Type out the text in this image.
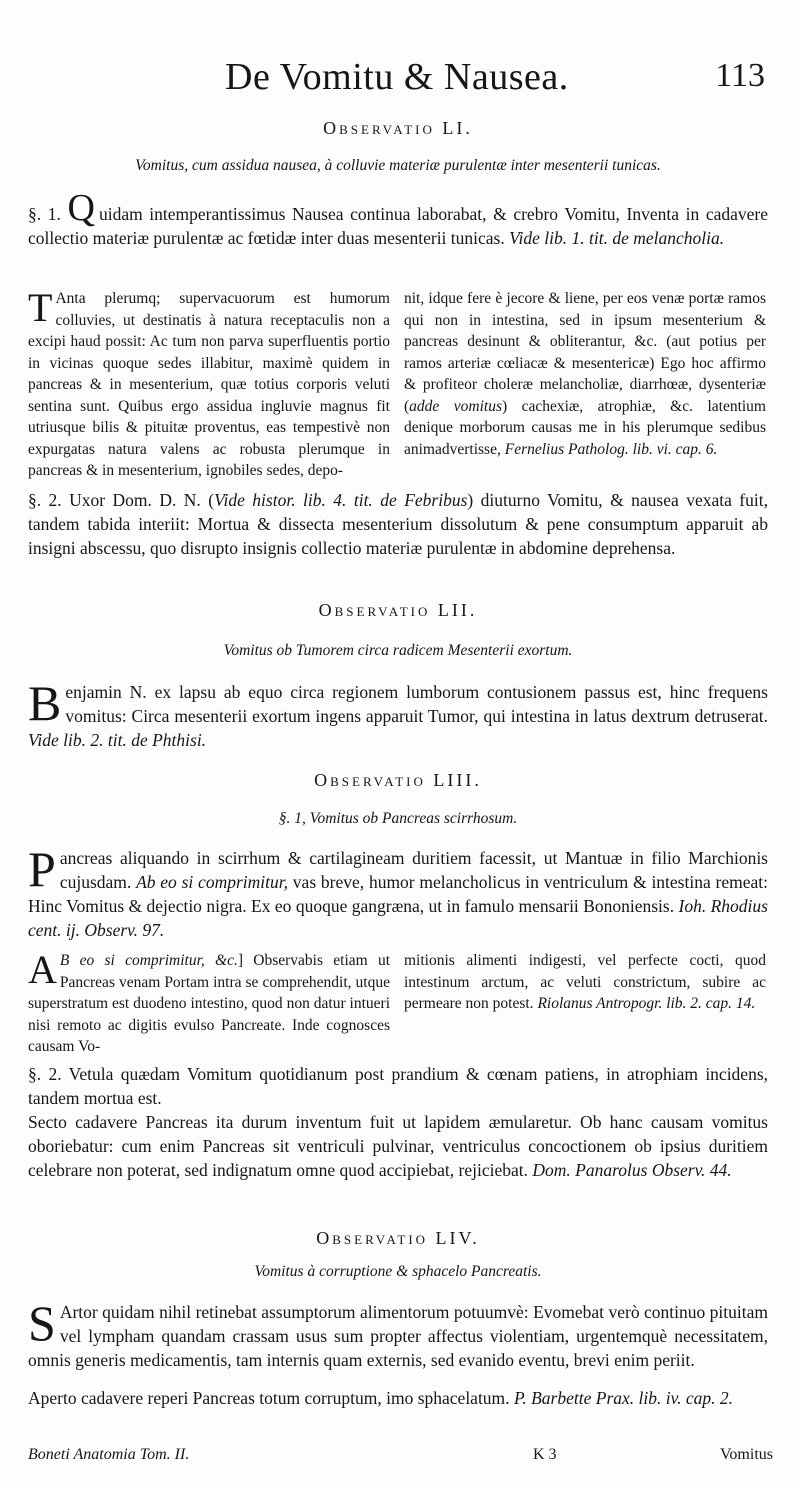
De Vomitu & Nausea.	113
Observatio LI.
Vomitus, cum assidua nausea, à colluvie materiæ purulentæ inter mesenterii tunicas.
§. 1. Q uidam intemperantissimus Nausea continua laborabat, & crebro Vomitu, Inventa in cadavere collectio materiæ purulentæ ac fœtidæ inter duas mesenterii tunicas. Vide lib. 1. tit. de melancholia.
T Anta plerumq; supervacuorum est humorum colluvies, ut destinatis à natura receptaculis non a excipi haud possit: Ac tum non parva superfluentis portio in vicinas quoque sedes illabitur, maximè quidem in pancreas & in mesenterium, quæ totius corporis veluti sentina sunt. Quibus ergo assidua ingluvie magnus fit utriusque bilis & pituitæ proventus, eas tempestivè non expurgatas natura valens ac robusta plerumque in pancreas & in mesenterium, ignobiles sedes, depo-
nit, idque fere è jecore & liene, per eos venæ portæ ramos qui non in intestina, sed in ipsum mesenterium & pancreas desinunt & obliterantur, &c. (aut potius per ramos arteriæ cœliacæ & mesentericæ) Ego hoc affirmo & profiteor choleræ melancholiæ, diarrhœæ, dysenteriæ (adde vomitus) cachexiæ, atrophiæ, &c. latentium denique morborum causas me in his plerumque sedibus animadvertisse, Fernelius Patholog. lib. vi. cap. 6.
§. 2. Uxor Dom. D. N. (Vide histor. lib. 4. tit. de Febribus) diuturno Vomitu, & nausea vexata fuit, tandem tabida interiit: Mortua & dissecta mesenterium dissolutum & pene consumptum apparuit ab insigni abscessu, quo disrupto insignis collectio materiæ purulentæ in abdomine deprehensa.
Observatio LII.
Vomitus ob Tumorem circa radicem Mesenterii exortum.
Benjamin N. ex lapsu ab equo circa regionem lumborum contusionem passus est, hinc frequens vomitus: Circa mesenterii exortum ingens apparuit Tumor, qui intestina in latus dextrum detruserat. Vide lib. 2. tit. de Phthisi.
Observatio LIII.
§. 1, Vomitus ob Pancreas scirrhosum.
Pancreas aliquando in scirrhum & cartilagineam duritiem facessit, ut Mantuæ in filio Marchionis cujusdam. Ab eo si comprimitur, vas breve, humor melancholicus in ventriculum & intestina remeat: Hinc Vomitus & dejectio nigra. Ex eo quoque gangræna, ut in famulo mensarii Bononiensis. Ioh. Rhodius cent. ij. Observ. 97.
A B eo si comprimitur, &c.] Observabis etiam ut Pancreas venam Portam intra se comprehendit, utque superstratum est duodeno intestino, quod non datur intueri nisi remoto ac digitis evulso Pancreate. Inde cognosces causam Vo-
mitionis alimenti indigesti, vel perfecte cocti, quod intestinum arctum, ac veluti constrictum, subire ac permeare non potest. Riolanus Antropogr. lib. 2. cap. 14.
§. 2. Vetula quædam Vomitum quotidianum post prandium & cœnam patiens, in atrophiam incidens, tandem mortua est.
Secto cadavere Pancreas ita durum inventum fuit ut lapidem æmularetur. Ob hanc causam vomitus oboriebatur: cum enim Pancreas sit ventriculi pulvinar, ventriculus concoctionem ob ipsius duritiem celebrare non poterat, sed indignatum omne quod accipiebat, rejiciebat. Dom. Panarolus Observ. 44.
Observatio LIV.
Vomitus à corruptione & sphacelo Pancreatis.
S Artor quidam nihil retinebat assumptorum alimentorum potuumvè: Evomebat verò continuo pituitam vel lympham quandam crassam usus sum propter affectus violentiam, urgentemquè necessitatem, omnis generis medicamentis, tam internis quam externis, sed evanido eventu, brevi enim periit.
Aperto cadavere reperi Pancreas totum corruptum, imo sphacelatum. P. Barbette Prax. lib. iv. cap. 2.
Boneti Anatomia Tom. II.	K 3	Vomitus
